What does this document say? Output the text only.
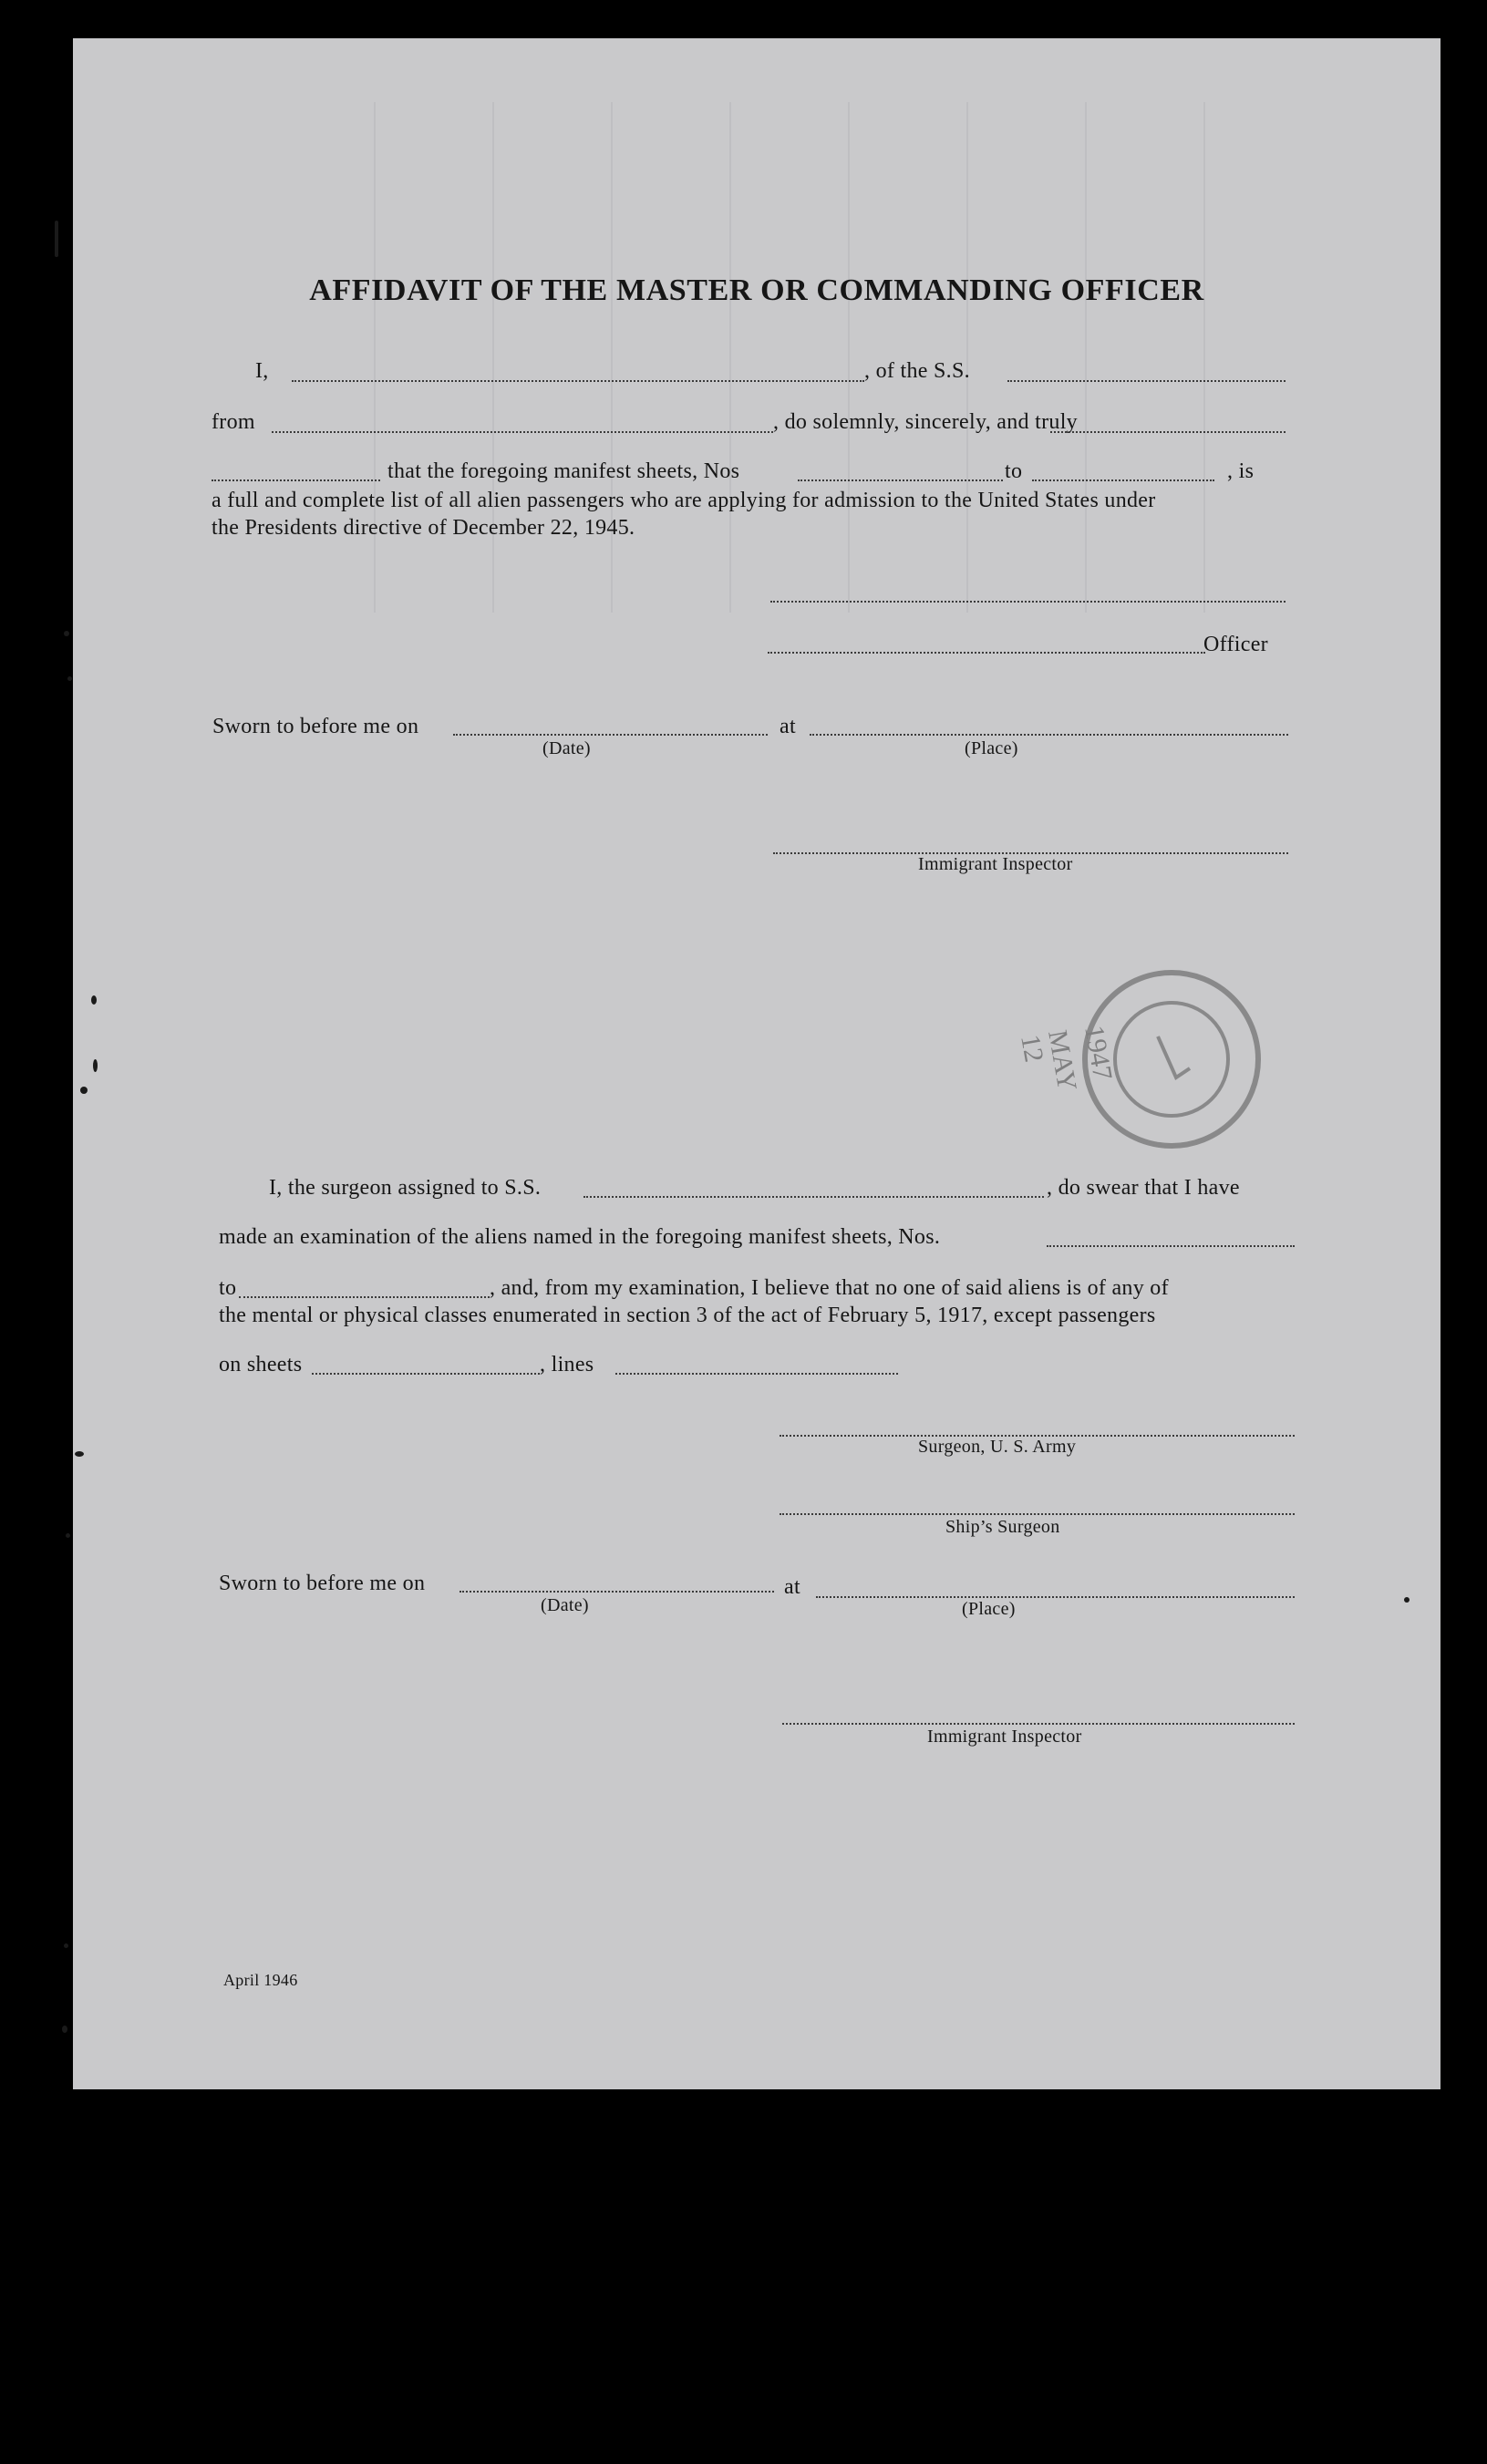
AFFIDAVIT OF THE MASTER OR COMMANDING OFFICER
I,	, of the S.S.
from	, do solemnly, sincerely, and truly
that the foregoing manifest sheets, Nos	to	, is
a full and complete list of all alien passengers who are applying for admission to the United States under
the Presidents directive of December 22, 1945.
Officer
Sworn to before me on	at
(Date)	(Place)
Immigrant Inspector
1947
MAY
12
I, the surgeon assigned to S.S.	, do swear that I have
made an examination of the aliens named in the foregoing manifest sheets, Nos.
to	, and, from my examination, I believe that no one of said aliens is of any of
the mental or physical classes enumerated in section 3 of the act of February 5, 1917, except passengers
on sheets	, lines
Surgeon, U. S. Army
Ship’s Surgeon
Sworn to before me on	at
(Date)	(Place)
Immigrant Inspector
April 1946
